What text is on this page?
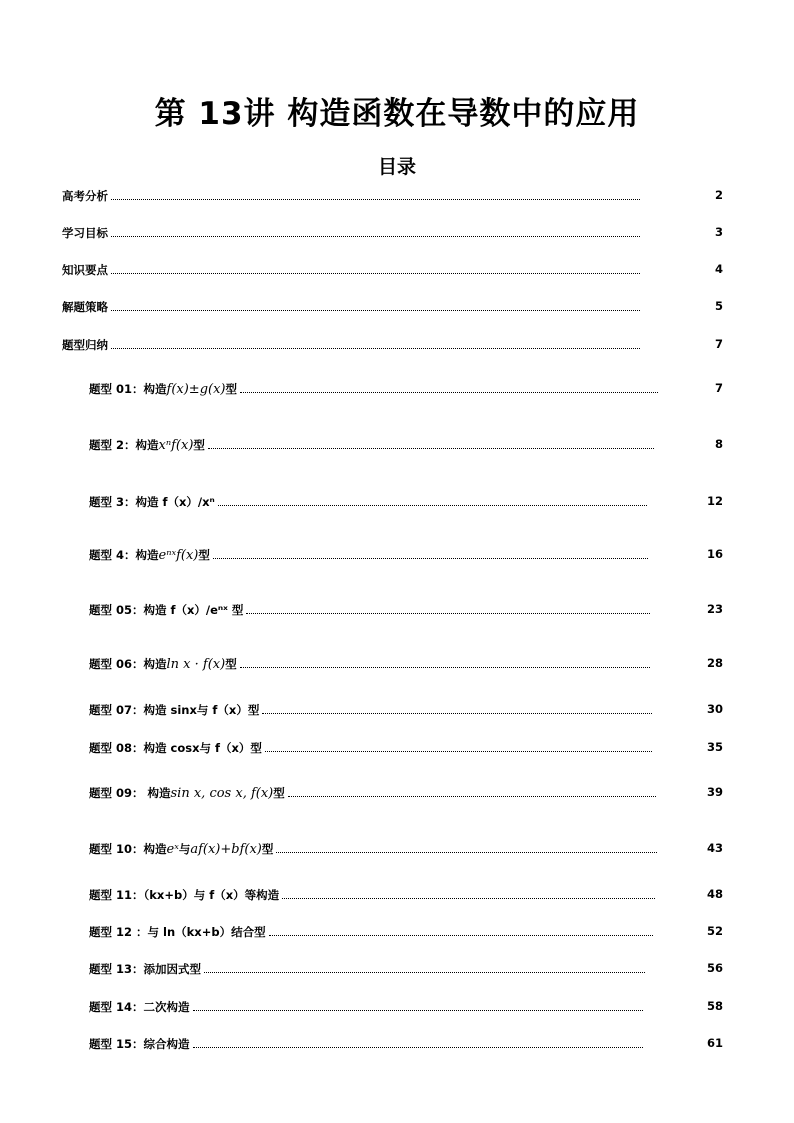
第 13讲 构造函数在导数中的应用
目录
高考分析	2
学习目标	3
知识要点	4
解题策略	5
题型归纳	7
题型 01：构造 f(x)±g(x) 型	7
题型 2：构造 xⁿf(x) 型	8
题型 3：构造 f（x）/xⁿ	12
题型 4：构造 eⁿˣf(x) 型	16
题型 05：构造 f（x）/eⁿˣ 型	23
题型 06：构造 ln x · f(x) 型	28
题型 07：构造 sinx与 f（x）型	30
题型 08：构造 cosx与 f（x）型	35
题型 09： 构造 sin x, cos x, f(x) 型	39
题型 10：构造 eˣ 与 af(x)+bf(x) 型	43
题型 11：（kx+b）与 f（x）等构造	48
题型 12 ：与 ln（kx+b）结合型	52
题型 13：添加因式型	56
题型 14：二次构造	58
题型 15：综合构造	61
